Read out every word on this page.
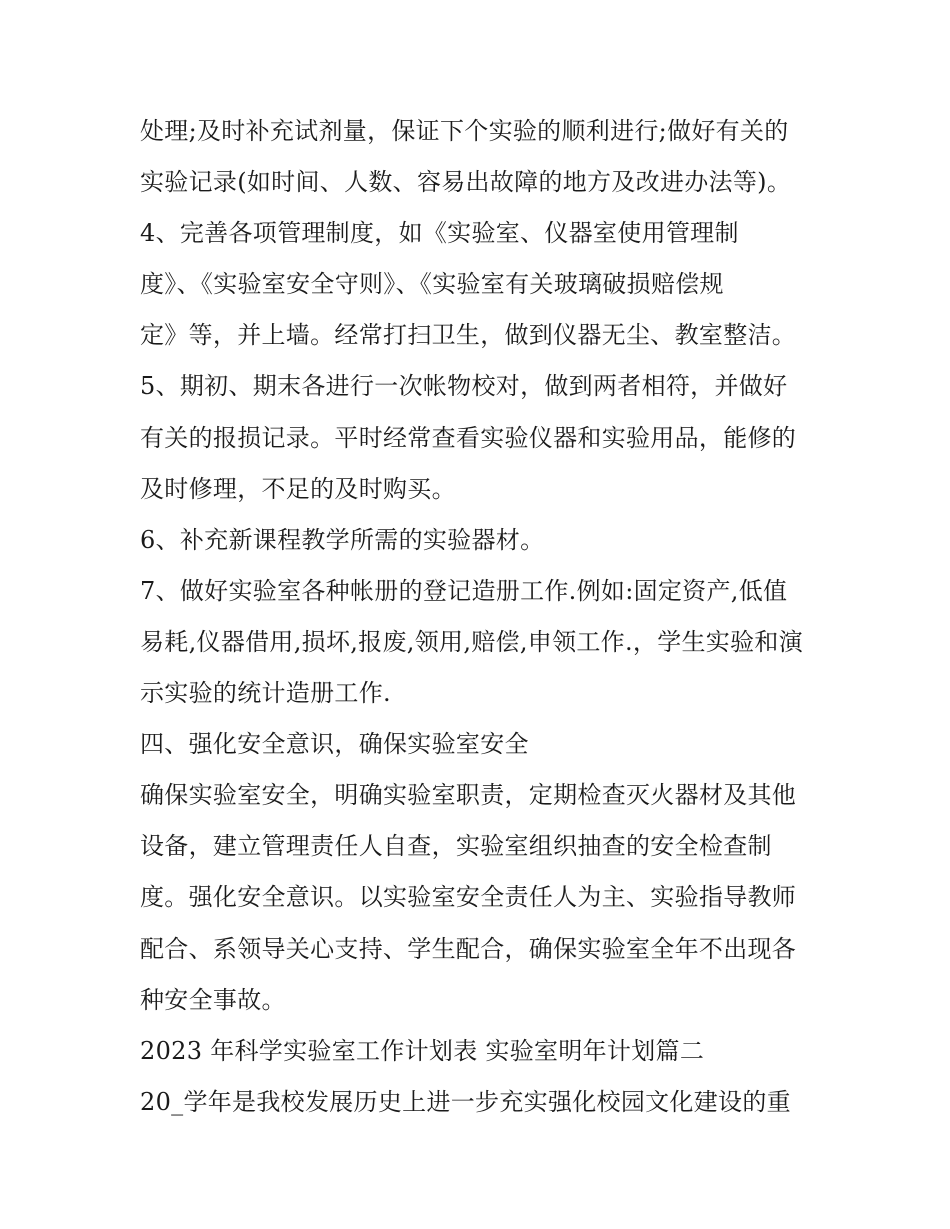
处理;及时补充试剂量，保证下个实验的顺利进行;做好有关的
实验记录(如时间、人数、容易出故障的地方及改进办法等)。
4、完善各项管理制度，如《实验室、仪器室使用管理制
度》、《实验室安全守则》、《实验室有关玻璃破损赔偿规
定》等，并上墙。经常打扫卫生，做到仪器无尘、教室整洁。
5、期初、期末各进行一次帐物校对，做到两者相符，并做好
有关的报损记录。平时经常查看实验仪器和实验用品，能修的
及时修理，不足的及时购买。
6、补充新课程教学所需的实验器材。
7、做好实验室各种帐册的登记造册工作.例如:固定资产,低值
易耗,仪器借用,损坏,报废,领用,赔偿,申领工作.，学生实验和演
示实验的统计造册工作.
四、强化安全意识，确保实验室安全
确保实验室安全，明确实验室职责，定期检查灭火器材及其他
设备，建立管理责任人自查，实验室组织抽查的安全检查制
度。强化安全意识。以实验室安全责任人为主、实验指导教师
配合、系领导关心支持、学生配合，确保实验室全年不出现各
种安全事故。
2023 年科学实验室工作计划表 实验室明年计划篇二
20_学年是我校发展历史上进一步充实强化校园文化建设的重
